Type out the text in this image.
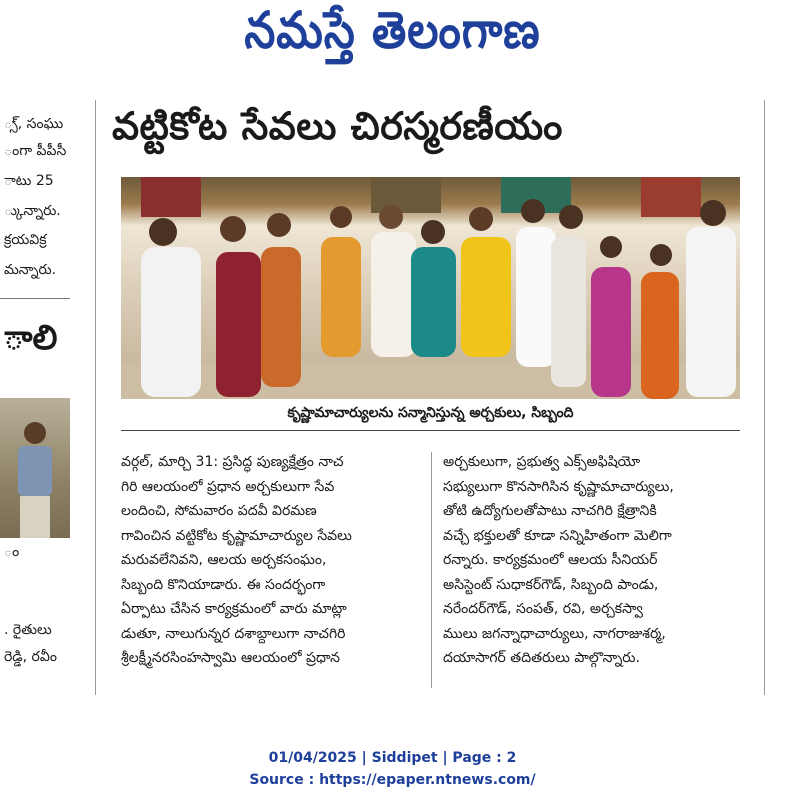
నమస్తే తెలంగాణ
్స్, సంఘు
ంగా పీపీసీ
ాటు 25
్కున్నారు.
క్రయవిక్ర
మన్నారు.
ాలి
ం
. రైతులు
రెడ్డి, రవీం
వట్టికోట సేవలు చిరస్మరణీయం
కృష్ణామాచార్యులను సన్మానిస్తున్న అర్చకులు, సిబ్బంది
వర్గల్, మార్చి 31: ప్రసిద్ధ పుణ్యక్షేత్రం నాచ
గిరి ఆలయంలో ప్రధాన అర్చకులుగా సేవ
లందించి, సోమవారం పదవీ విరమణ
గావించిన వట్టికోట కృష్ణామాచార్యుల సేవలు
మరువలేనివని, ఆలయ అర్చకసంఘం,
సిబ్బంది కొనియాడారు. ఈ సందర్భంగా
ఏర్పాటు చేసిన కార్యక్రమంలో వారు మాట్లా
డుతూ, నాలుగున్నర దశాబ్దాలుగా నాచగిరి
శ్రీలక్ష్మీనరసింహస్వామి ఆలయంలో ప్రధాన
అర్చకులుగా, ప్రభుత్వ ఎక్స్‌అఫిషియో
సభ్యులుగా కొనసాగిసిన కృష్ణామాచార్యులు,
తోటి ఉద్యోగులతోపాటు నాచగిరి క్షేత్రానికి
వచ్చే భక్తులతో కూడా సన్నిహితంగా మెలిగా
రన్నారు. కార్యక్రమంలో ఆలయ సీనియర్
అసిస్టెంట్ సుధాకర్‌గౌడ్, సిబ్బంది పాండు,
నరేందర్‌గౌడ్, సంపత్, రవి, అర్చకస్వా
ములు జగన్నాధాచార్యులు, నాగరాజుశర్మ,
దయాసాగర్ తదితరులు పాల్గొన్నారు.
01/04/2025 | Siddipet | Page : 2
Source : https://epaper.ntnews.com/
